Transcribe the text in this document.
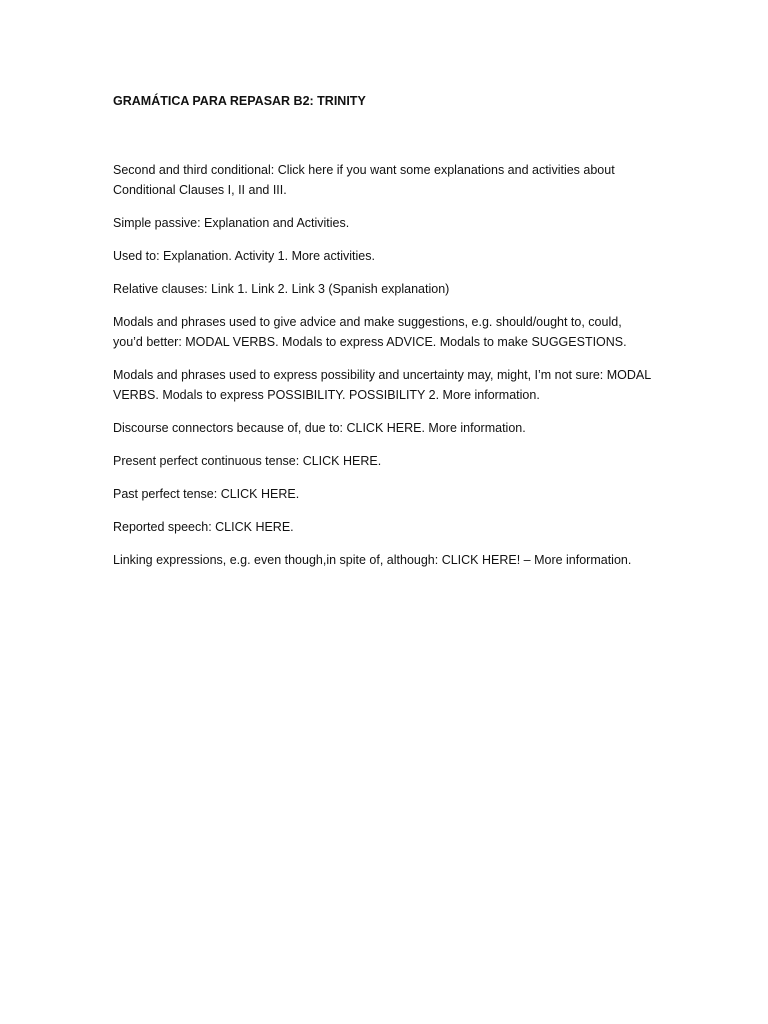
GRAMÁTICA PARA REPASAR B2: TRINITY

Second and third conditional: Click here if you want some explanations and activities about
Conditional Clauses I, II and III.

Simple passive: Explanation and Activities.

Used to: Explanation. Activity 1. More activities.

Relative clauses: Link 1. Link 2. Link 3 (Spanish explanation)

Modals and phrases used to give advice and make suggestions, e.g. should/ought to, could,
you’d better: MODAL VERBS. Modals to express ADVICE. Modals to make SUGGESTIONS.

Modals and phrases used to express possibility and uncertainty may, might, I’m not sure: MODAL
VERBS. Modals to express POSSIBILITY. POSSIBILITY 2. More information.

Discourse connectors because of, due to: CLICK HERE. More information.

Present perfect continuous tense: CLICK HERE.

Past perfect tense: CLICK HERE.

Reported speech: CLICK HERE.

Linking expressions, e.g. even though,in spite of, although: CLICK HERE! – More information.
